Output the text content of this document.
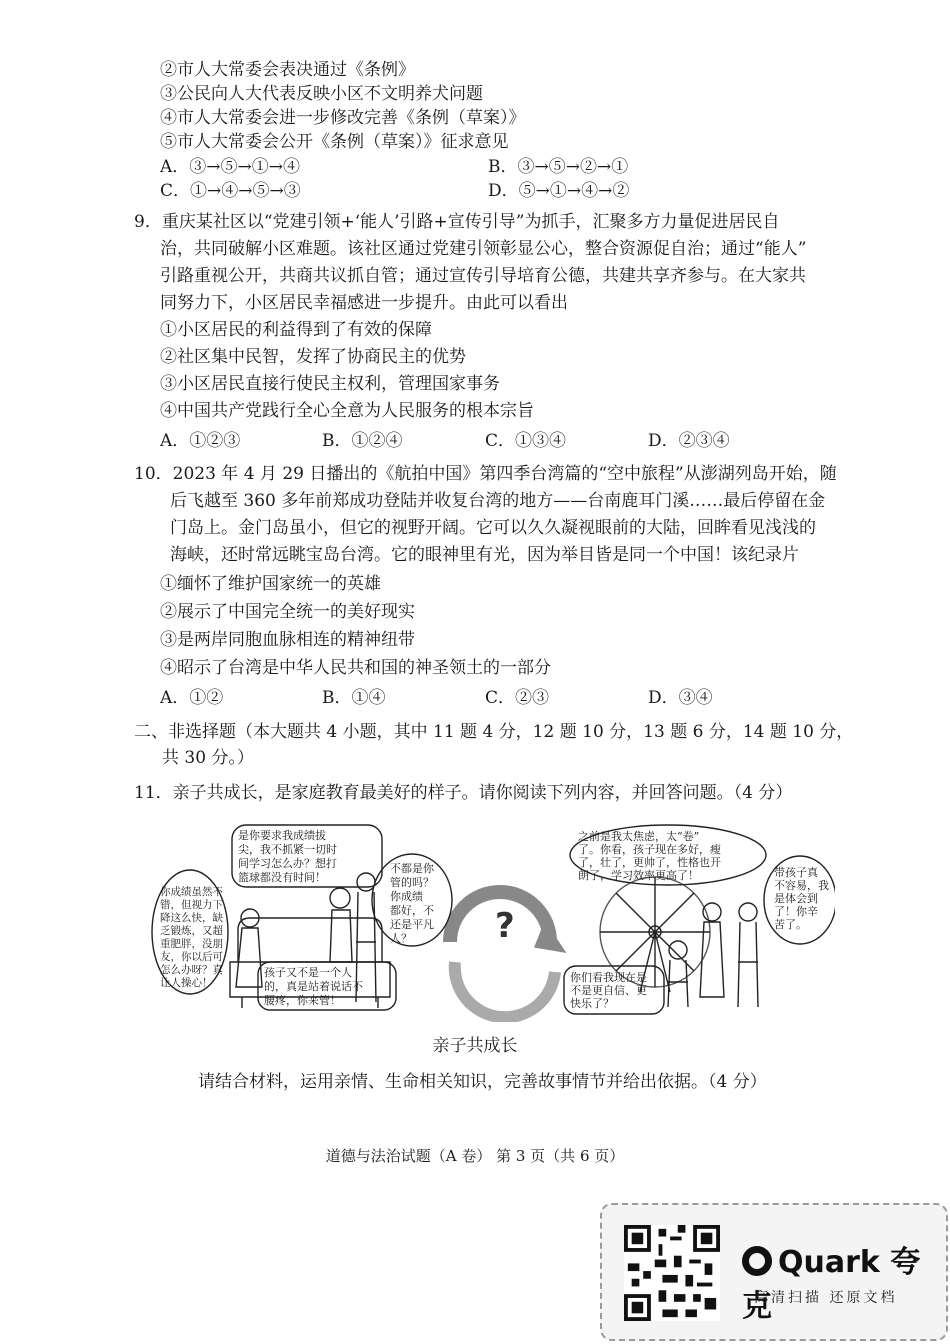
②市人大常委会表决通过《条例》
③公民向人大代表反映小区不文明养犬问题
④市人大常委会进一步修改完善《条例（草案）》
⑤市人大常委会公开《条例（草案）》征求意见
A．③→⑤→①→④	B．③→⑤→②→①
C．①→④→⑤→③	D．⑤→①→④→②
9．重庆某社区以“党建引领+‘能人’引路+宣传引导”为抓手，汇聚多方力量促进居民自
治，共同破解小区难题。该社区通过党建引领彰显公心，整合资源促自治；通过“能人”
引路重视公开，共商共议抓自管；通过宣传引导培育公德，共建共享齐参与。在大家共
同努力下，小区居民幸福感进一步提升。由此可以看出
①小区居民的利益得到了有效的保障
②社区集中民智，发挥了协商民主的优势
③小区居民直接行使民主权利，管理国家事务
④中国共产党践行全心全意为人民服务的根本宗旨
A．①②③	B．①②④	C．①③④	D．②③④
10．2023 年 4 月 29 日播出的《航拍中国》第四季台湾篇的“空中旅程”从澎湖列岛开始，随
后飞越至 360 多年前郑成功登陆并收复台湾的地方——台南鹿耳门溪……最后停留在金
门岛上。金门岛虽小，但它的视野开阔。它可以久久凝视眼前的大陆，回眸看见浅浅的
海峡，还时常远眺宝岛台湾。它的眼神里有光，因为举目皆是同一个中国！该纪录片
①缅怀了维护国家统一的英雄
②展示了中国完全统一的美好现实
③是两岸同胞血脉相连的精神纽带
④昭示了台湾是中华人民共和国的神圣领土的一部分
A．①②	B．①④	C．②③	D．③④
二、非选择题（本大题共 4 小题，其中 11 题 4 分，12 题 10 分，13 题 6 分，14 题 10 分，
共 30 分。）
11．亲子共成长，是家庭教育最美好的样子。请你阅读下列内容，并回答问题。（4 分）
?
是你要求我成绩拔
尖，我不抓紧一切时
间学习怎么办？想打
篮球都没有时间！
你成绩虽然不
错，但视力下
降这么快，缺
乏锻炼，又超
重肥胖，没朋
友，你以后可
怎么办呀？真
让人操心！
不都是你
管的吗？
你成绩
都好，不
还是平凡
人？
孩子又不是一个人
的，真是站着说话不
腰疼，你来管！
之前是我太焦虑，太“卷”
了。你看，孩子现在多好，瘦
了，壮了，更帅了，性格也开
朗了，学习效率更高了！	带孩子真
不容易，我
是体会到
了！你辛
苦了。
你们看我现在是
不是更自信、更
快乐了？
亲子共成长
请结合材料，运用亲情、生命相关知识，完善故事情节并给出依据。（4 分）
道德与法治试题（A 卷） 第 3 页（共 6 页）
Quark 夸克
高清扫描 还原文档
